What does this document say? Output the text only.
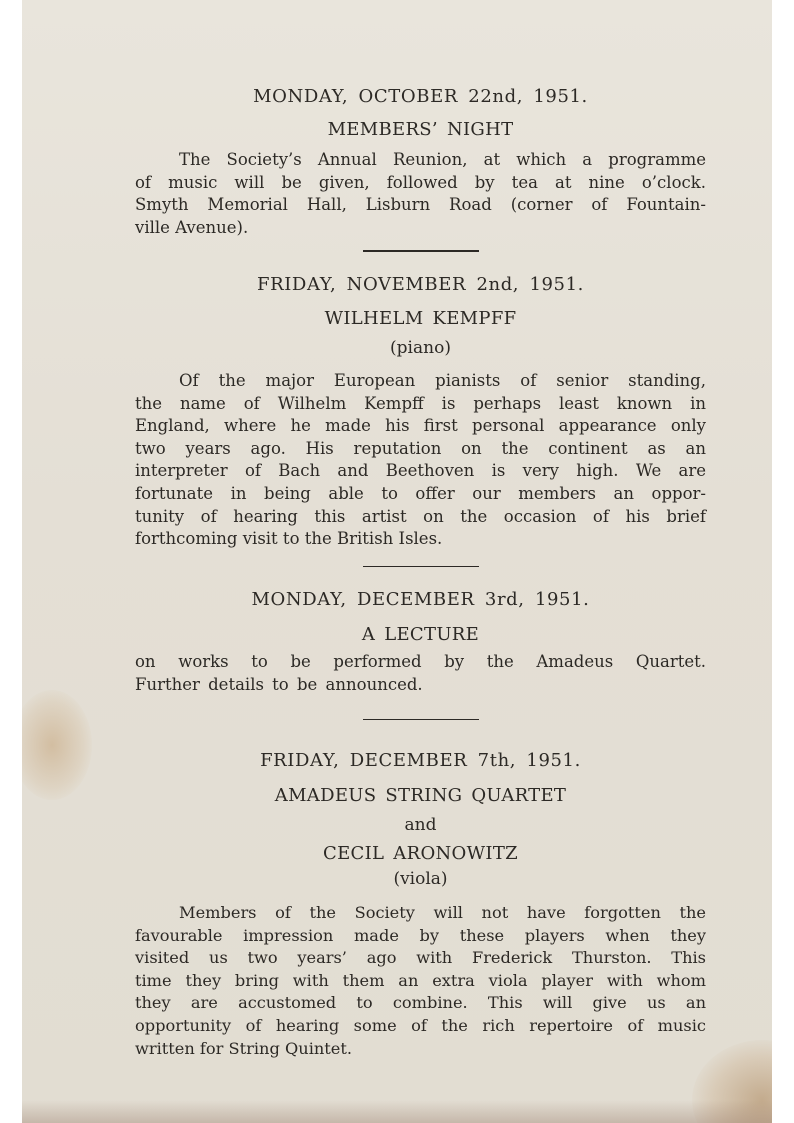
MONDAY, OCTOBER 22nd, 1951.

MEMBERS’ NIGHT

The Society’s Annual Reunion, at which a programme
of music will be given, followed by tea at nine o’clock.
Smyth Memorial Hall, Lisburn Road (corner of Fountain-
ville Avenue).

FRIDAY, NOVEMBER 2nd, 1951.

WILHELM KEMPFF

(piano)

Of the major European pianists of senior standing,
the name of Wilhelm Kempff is perhaps least known in
England, where he made his first personal appearance only
two years ago. His reputation on the continent as an
interpreter of Bach and Beethoven is very high. We are
fortunate in being able to offer our members an oppor-
tunity of hearing this artist on the occasion of his brief
forthcoming visit to the British Isles.

MONDAY, DECEMBER 3rd, 1951.

A LECTURE

on works to be performed by the Amadeus Quartet.
Further details to be announced.

FRIDAY, DECEMBER 7th, 1951.

AMADEUS STRING QUARTET

and

CECIL ARONOWITZ

(viola)

Members of the Society will not have forgotten the
favourable impression made by these players when they
visited us two years’ ago with Frederick Thurston. This
time they bring with them an extra viola player with whom
they are accustomed to combine. This will give us an
opportunity of hearing some of the rich repertoire of music
written for String Quintet.
